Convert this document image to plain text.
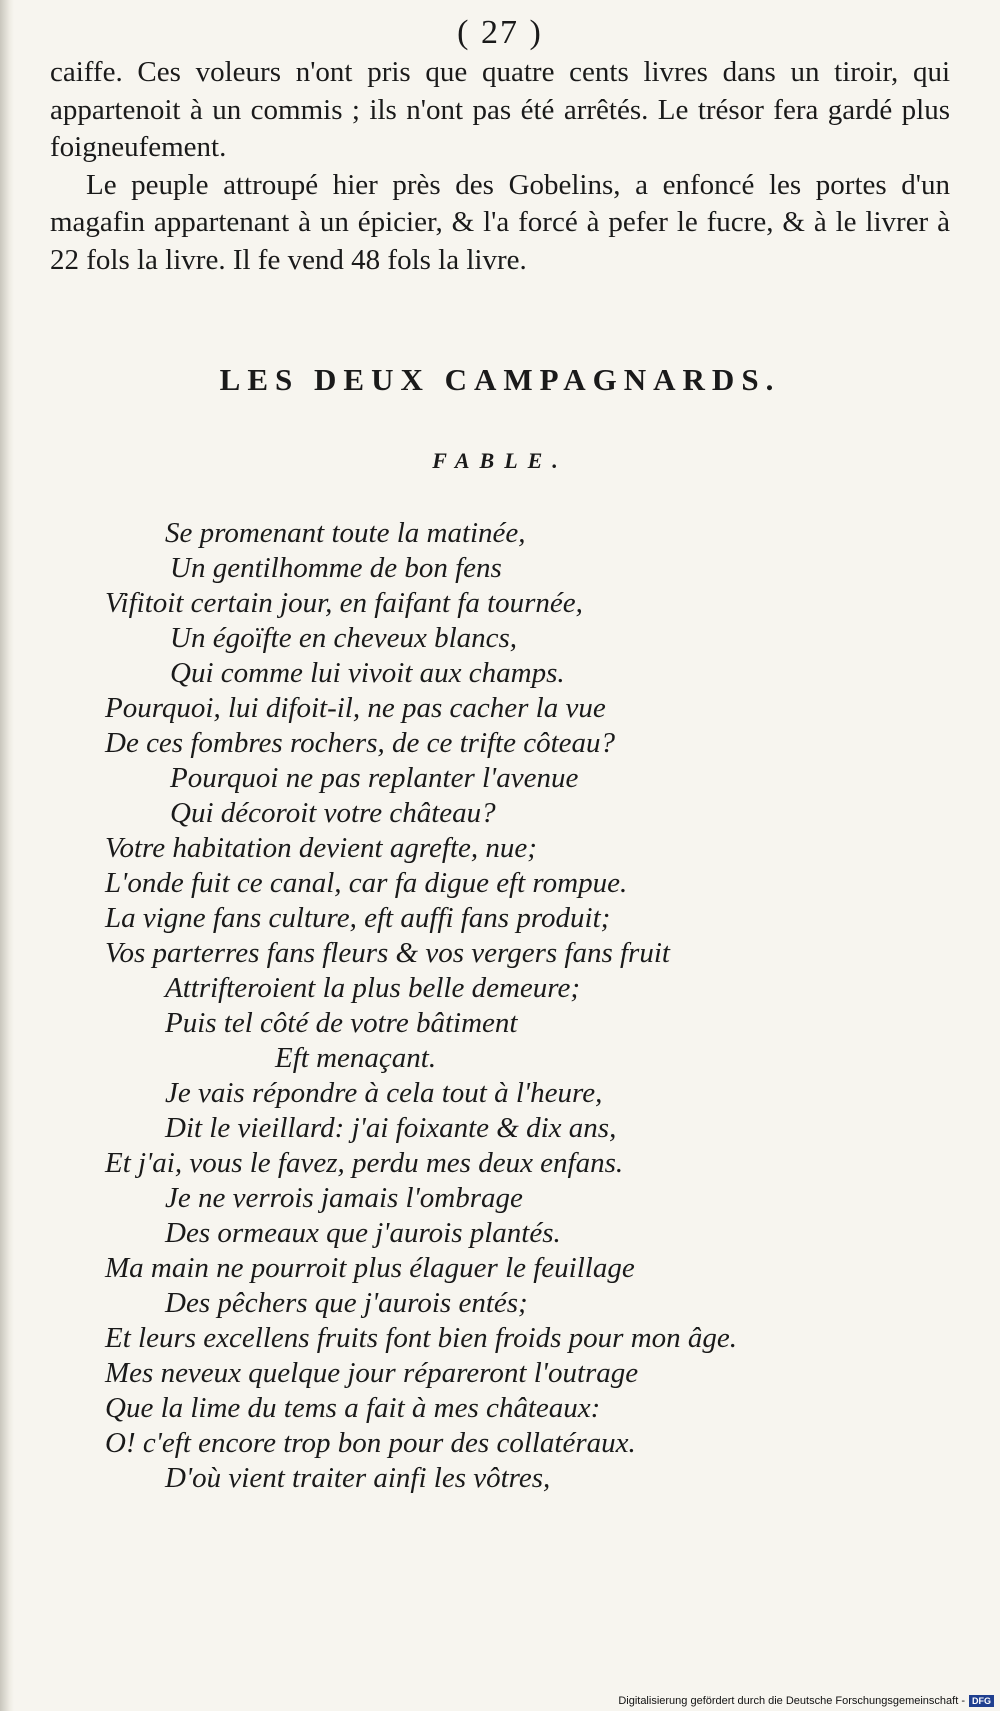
( 27 )

caiffe. Ces voleurs n'ont pris que quatre cents livres dans un tiroir, qui appartenoit à un commis ; ils n'ont pas été arrêtés. Le trésor fera gardé plus foigneufement.

Le peuple attroupé hier près des Gobelins, a enfoncé les portes d'un magafin appartenant à un épicier, & l'a forcé à pefer le fucre, & à le livrer à 22 fols la livre. Il fe vend 48 fols la livre.

LES DEUX CAMPAGNARDS.
FABLE.
Se promenant toute la matinée,
Un gentilhomme de bon fens
Vifitoit certain jour, en faifant fa tournée,
Un égoïfte en cheveux blancs,
Qui comme lui vivoit aux champs.
Pourquoi, lui difoit-il, ne pas cacher la vue
De ces fombres rochers, de ce trifte côteau?
Pourquoi ne pas replanter l'avenue
Qui décoroit votre château?
Votre habitation devient agrefte, nue;
L'onde fuit ce canal, car fa digue eft rompue.
La vigne fans culture, eft auffi fans produit;
Vos parterres fans fleurs & vos vergers fans fruit
Attrifteroient la plus belle demeure;
Puis tel côté de votre bâtiment
Eft menaçant.
Je vais répondre à cela tout à l'heure,
Dit le vieillard: j'ai foixante & dix ans,
Et j'ai, vous le favez, perdu mes deux enfans.
Je ne verrois jamais l'ombrage
Des ormeaux que j'aurois plantés.
Ma main ne pourroit plus élaguer le feuillage
Des pêchers que j'aurois entés;
Et leurs excellens fruits font bien froids pour mon âge.
Mes neveux quelque jour répareront l'outrage
Que la lime du tems a fait à mes châteaux:
O! c'eft encore trop bon pour des collatéraux.
D'où vient traiter ainfi les vôtres,
Digitalisierung gefördert durch die Deutsche Forschungsgemeinschaft - DFG
